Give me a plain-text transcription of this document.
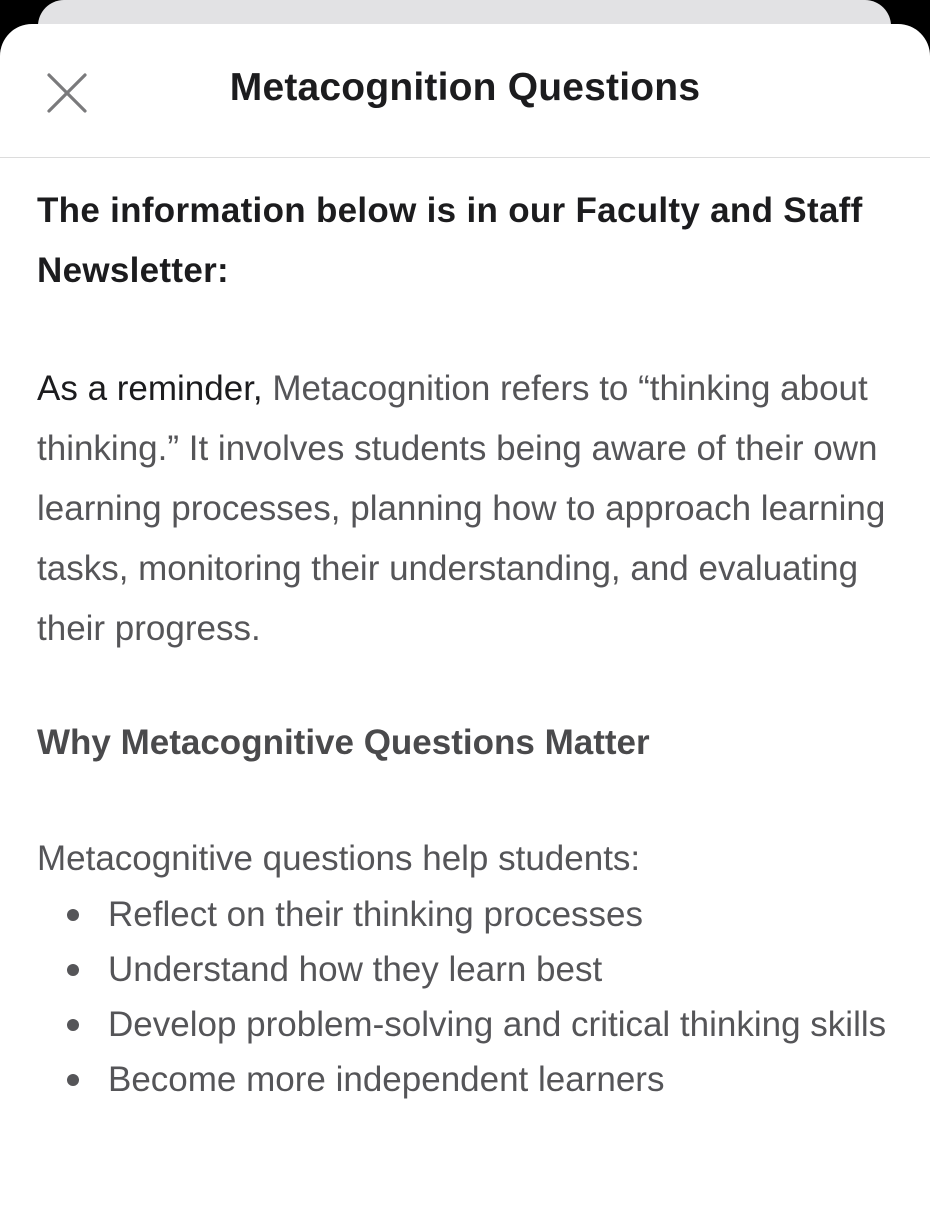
Metacognition Questions

The information below is in our Faculty and Staff Newsletter:

As a reminder, Metacognition refers to “thinking about thinking.” It involves students being aware of their own learning processes, planning how to approach learning tasks, monitoring their understanding, and evaluating their progress.

Why Metacognitive Questions Matter

Metacognitive questions help students:

Reflect on their thinking processes
Understand how they learn best
Develop problem-solving and critical thinking skills
Become more independent learners
